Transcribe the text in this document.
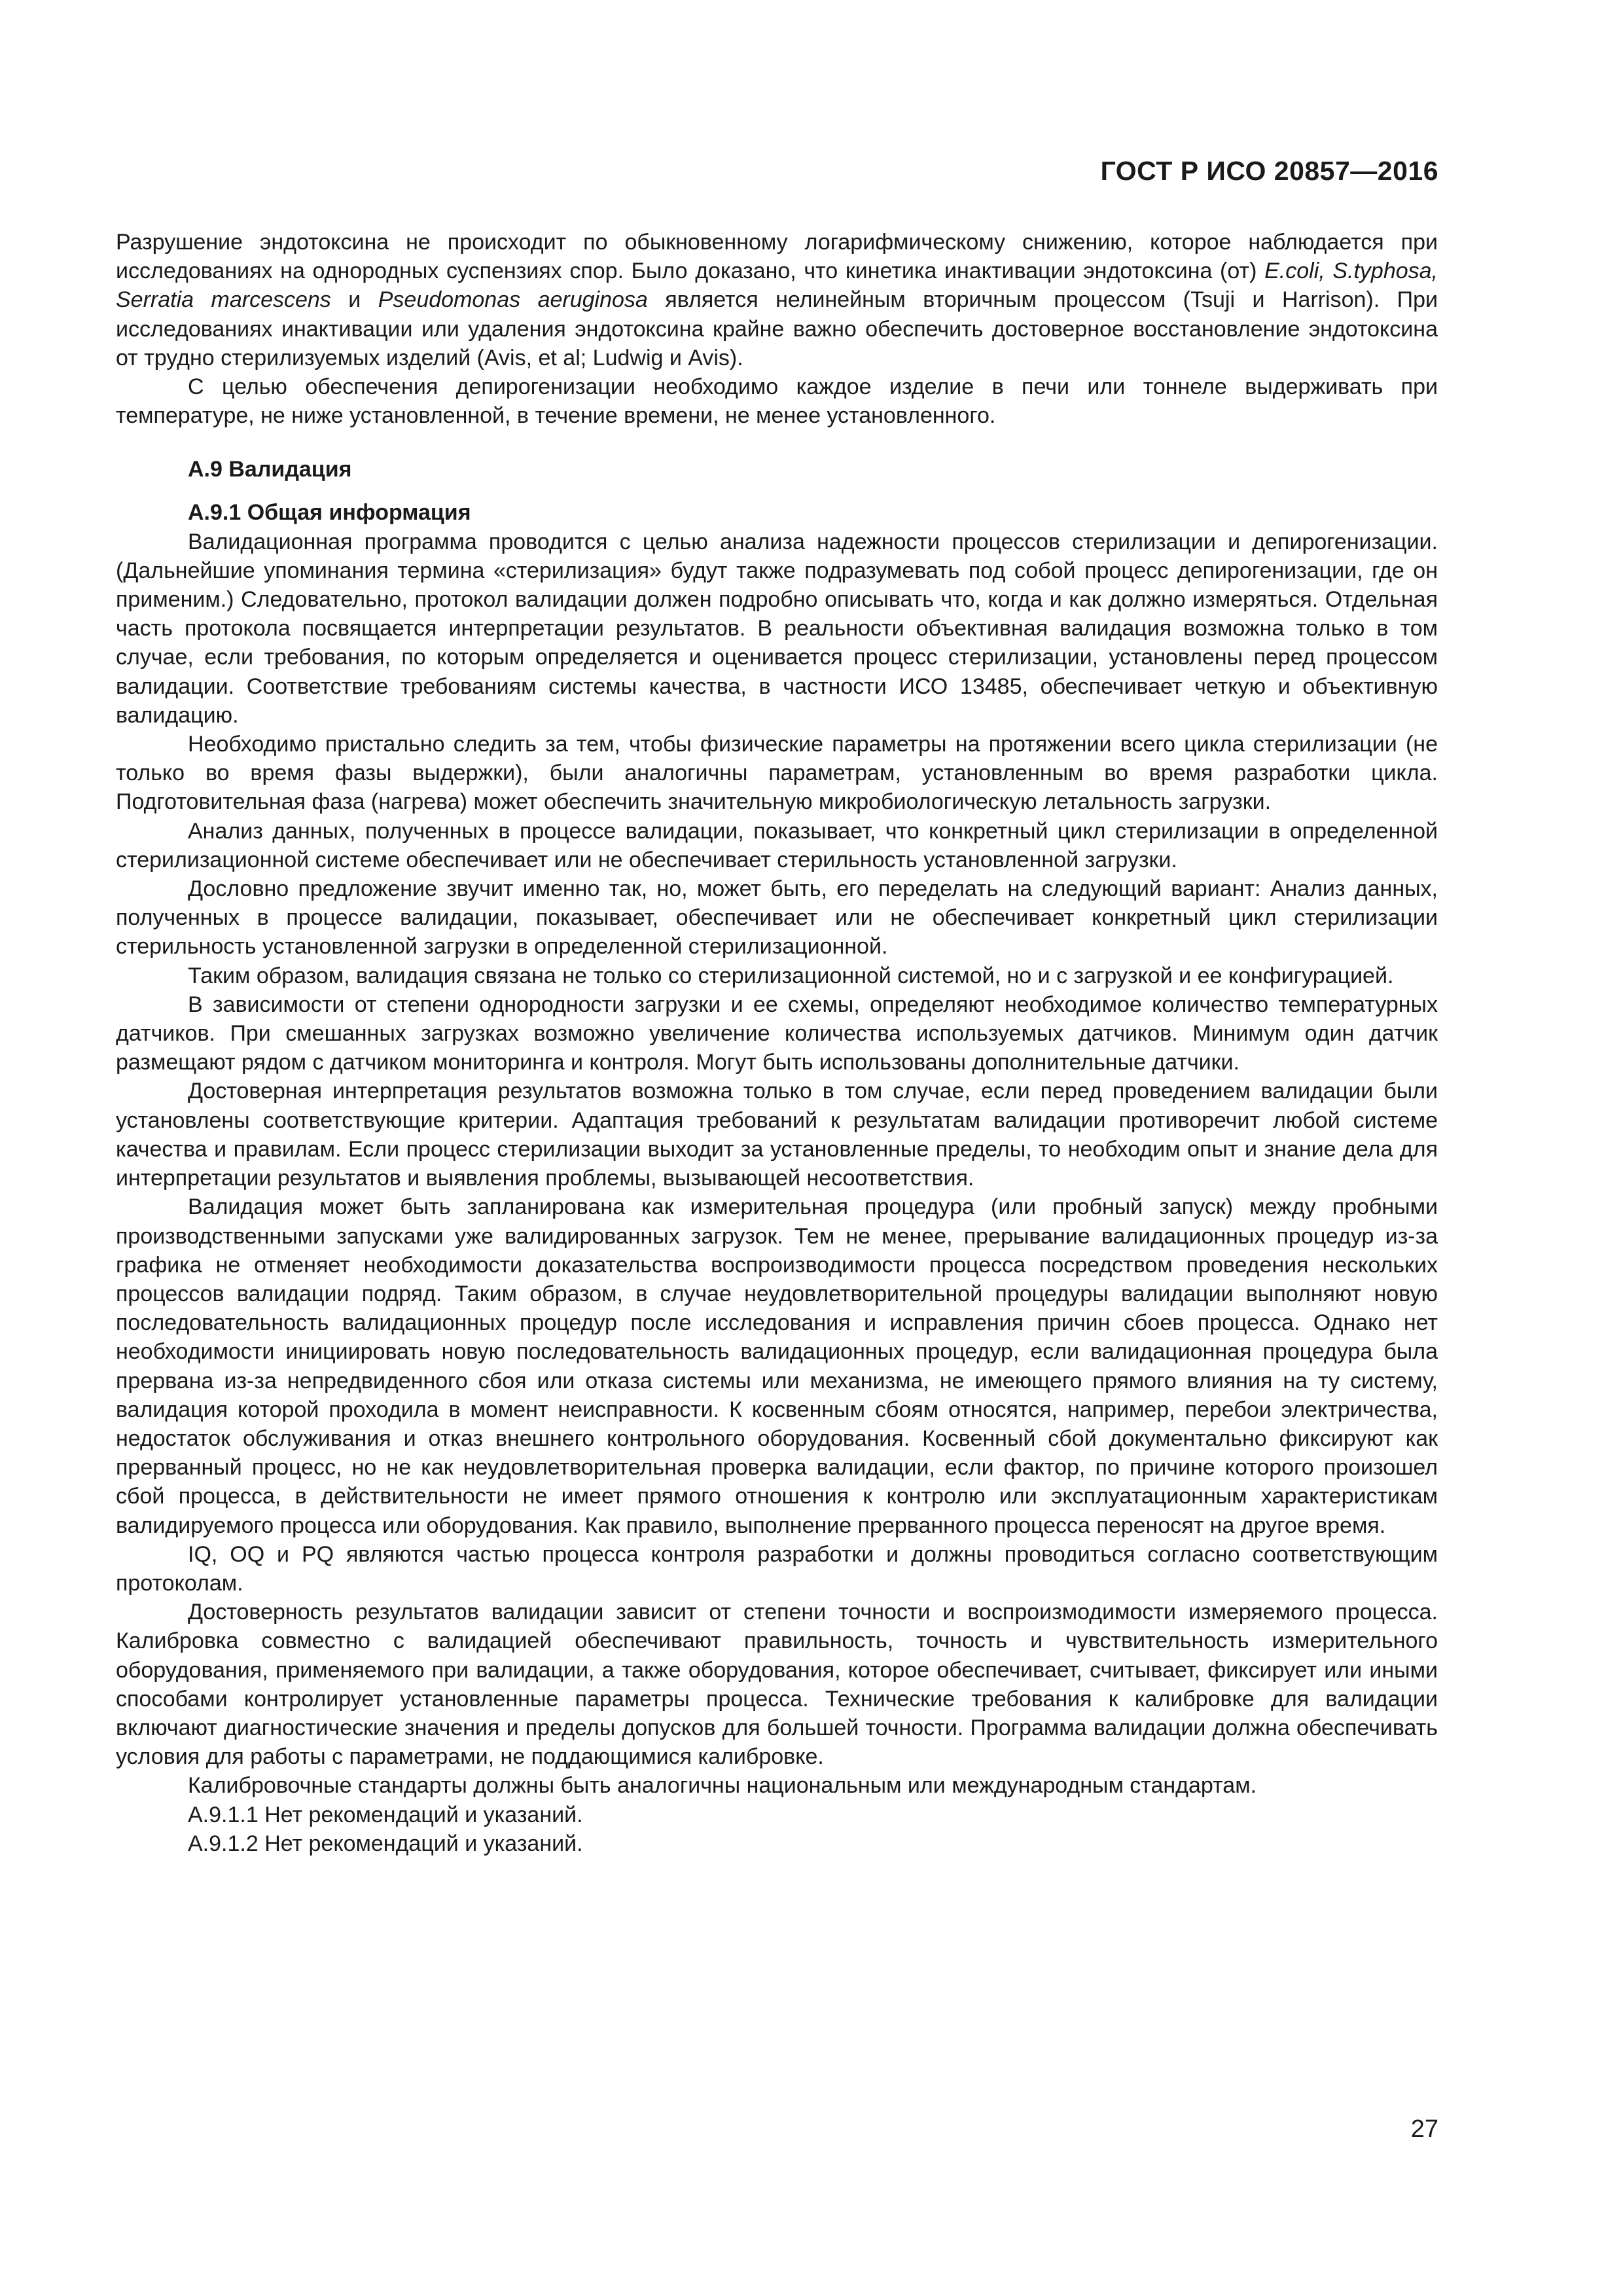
ГОСТ Р ИСО 20857—2016

Разрушение эндотоксина не происходит по обыкновенному логарифмическому снижению, которое наблюдается при исследованиях на однородных суспензиях спор. Было доказано, что кинетика инактивации эндотоксина (от) E.coli, S.typhosa, Serratia marcescens и Pseudomonas aeruginosa является нелинейным вторичным процессом (Tsuji и Harrison). При исследованиях инактивации или удаления эндотоксина крайне важно обеспечить достоверное восстановление эндотоксина от трудно стерилизуемых изделий (Avis, et al; Ludwig и Avis).

С целью обеспечения депирогенизации необходимо каждое изделие в печи или тоннеле выдерживать при температуре, не ниже установленной, в течение времени, не менее установленного.

А.9 Валидация
А.9.1 Общая информация

Валидационная программа проводится с целью анализа надежности процессов стерилизации и депирогенизации. (Дальнейшие упоминания термина «стерилизация» будут также подразумевать под собой процесс депирогенизации, где он применим.) Следовательно, протокол валидации должен подробно описывать что, когда и как должно измеряться. Отдельная часть протокола посвящается интерпретации результатов. В реальности объективная валидация возможна только в том случае, если требования, по которым определяется и оценивается процесс стерилизации, установлены перед процессом валидации. Соответствие требованиям системы качества, в частности ИСО 13485, обеспечивает четкую и объективную валидацию.

Необходимо пристально следить за тем, чтобы физические параметры на протяжении всего цикла стерилизации (не только во время фазы выдержки), были аналогичны параметрам, установленным во время разработки цикла. Подготовительная фаза (нагрева) может обеспечить значительную микробиологическую летальность загрузки.

Анализ данных, полученных в процессе валидации, показывает, что конкретный цикл стерилизации в определенной стерилизационной системе обеспечивает или не обеспечивает стерильность установленной загрузки.

Дословно предложение звучит именно так, но, может быть, его переделать на следующий вариант: Анализ данных, полученных в процессе валидации, показывает, обеспечивает или не обеспечивает конкретный цикл стерилизации стерильность установленной загрузки в определенной стерилизационной.

Таким образом, валидация связана не только со стерилизационной системой, но и с загрузкой и ее конфигурацией.

В зависимости от степени однородности загрузки и ее схемы, определяют необходимое количество температурных датчиков. При смешанных загрузках возможно увеличение количества используемых датчиков. Минимум один датчик размещают рядом с датчиком мониторинга и контроля. Могут быть использованы дополнительные датчики.

Достоверная интерпретация результатов возможна только в том случае, если перед проведением валидации были установлены соответствующие критерии. Адаптация требований к результатам валидации противоречит любой системе качества и правилам. Если процесс стерилизации выходит за установленные пределы, то необходим опыт и знание дела для интерпретации результатов и выявления проблемы, вызывающей несоответствия.

Валидация может быть запланирована как измерительная процедура (или пробный запуск) между пробными производственными запусками уже валидированных загрузок. Тем не менее, прерывание валидационных процедур из-за графика не отменяет необходимости доказательства воспроизводимости процесса посредством проведения нескольких процессов валидации подряд. Таким образом, в случае неудовлетворительной процедуры валидации выполняют новую последовательность валидационных процедур после исследования и исправления причин сбоев процесса. Однако нет необходимости инициировать новую последовательность валидационных процедур, если валидационная процедура была прервана из-за непредвиденного сбоя или отказа системы или механизма, не имеющего прямого влияния на ту систему, валидация которой проходила в момент неисправности. К косвенным сбоям относятся, например, перебои электричества, недостаток обслуживания и отказ внешнего контрольного оборудования. Косвенный сбой документально фиксируют как прерванный процесс, но не как неудовлетворительная проверка валидации, если фактор, по причине которого произошел сбой процесса, в действительности не имеет прямого отношения к контролю или эксплуатационным характеристикам валидируемого процесса или оборудования. Как правило, выполнение прерванного процесса переносят на другое время.

IQ, OQ и PQ являются частью процесса контроля разработки и должны проводиться согласно соответствующим протоколам.

Достоверность результатов валидации зависит от степени точности и воспроизмодимости измеряемого процесса. Калибровка совместно с валидацией обеспечивают правильность, точность и чувствительность измерительного оборудования, применяемого при валидации, а также оборудования, которое обеспечивает, считывает, фиксирует или иными способами контролирует установленные параметры процесса. Технические требования к калибровке для валидации включают диагностические значения и пределы допусков для большей точности. Программа валидации должна обеспечивать условия для работы с параметрами, не поддающимися калибровке.

Калибровочные стандарты должны быть аналогичны национальным или международным стандартам.

А.9.1.1 Нет рекомендаций и указаний.

А.9.1.2 Нет рекомендаций и указаний.

27
